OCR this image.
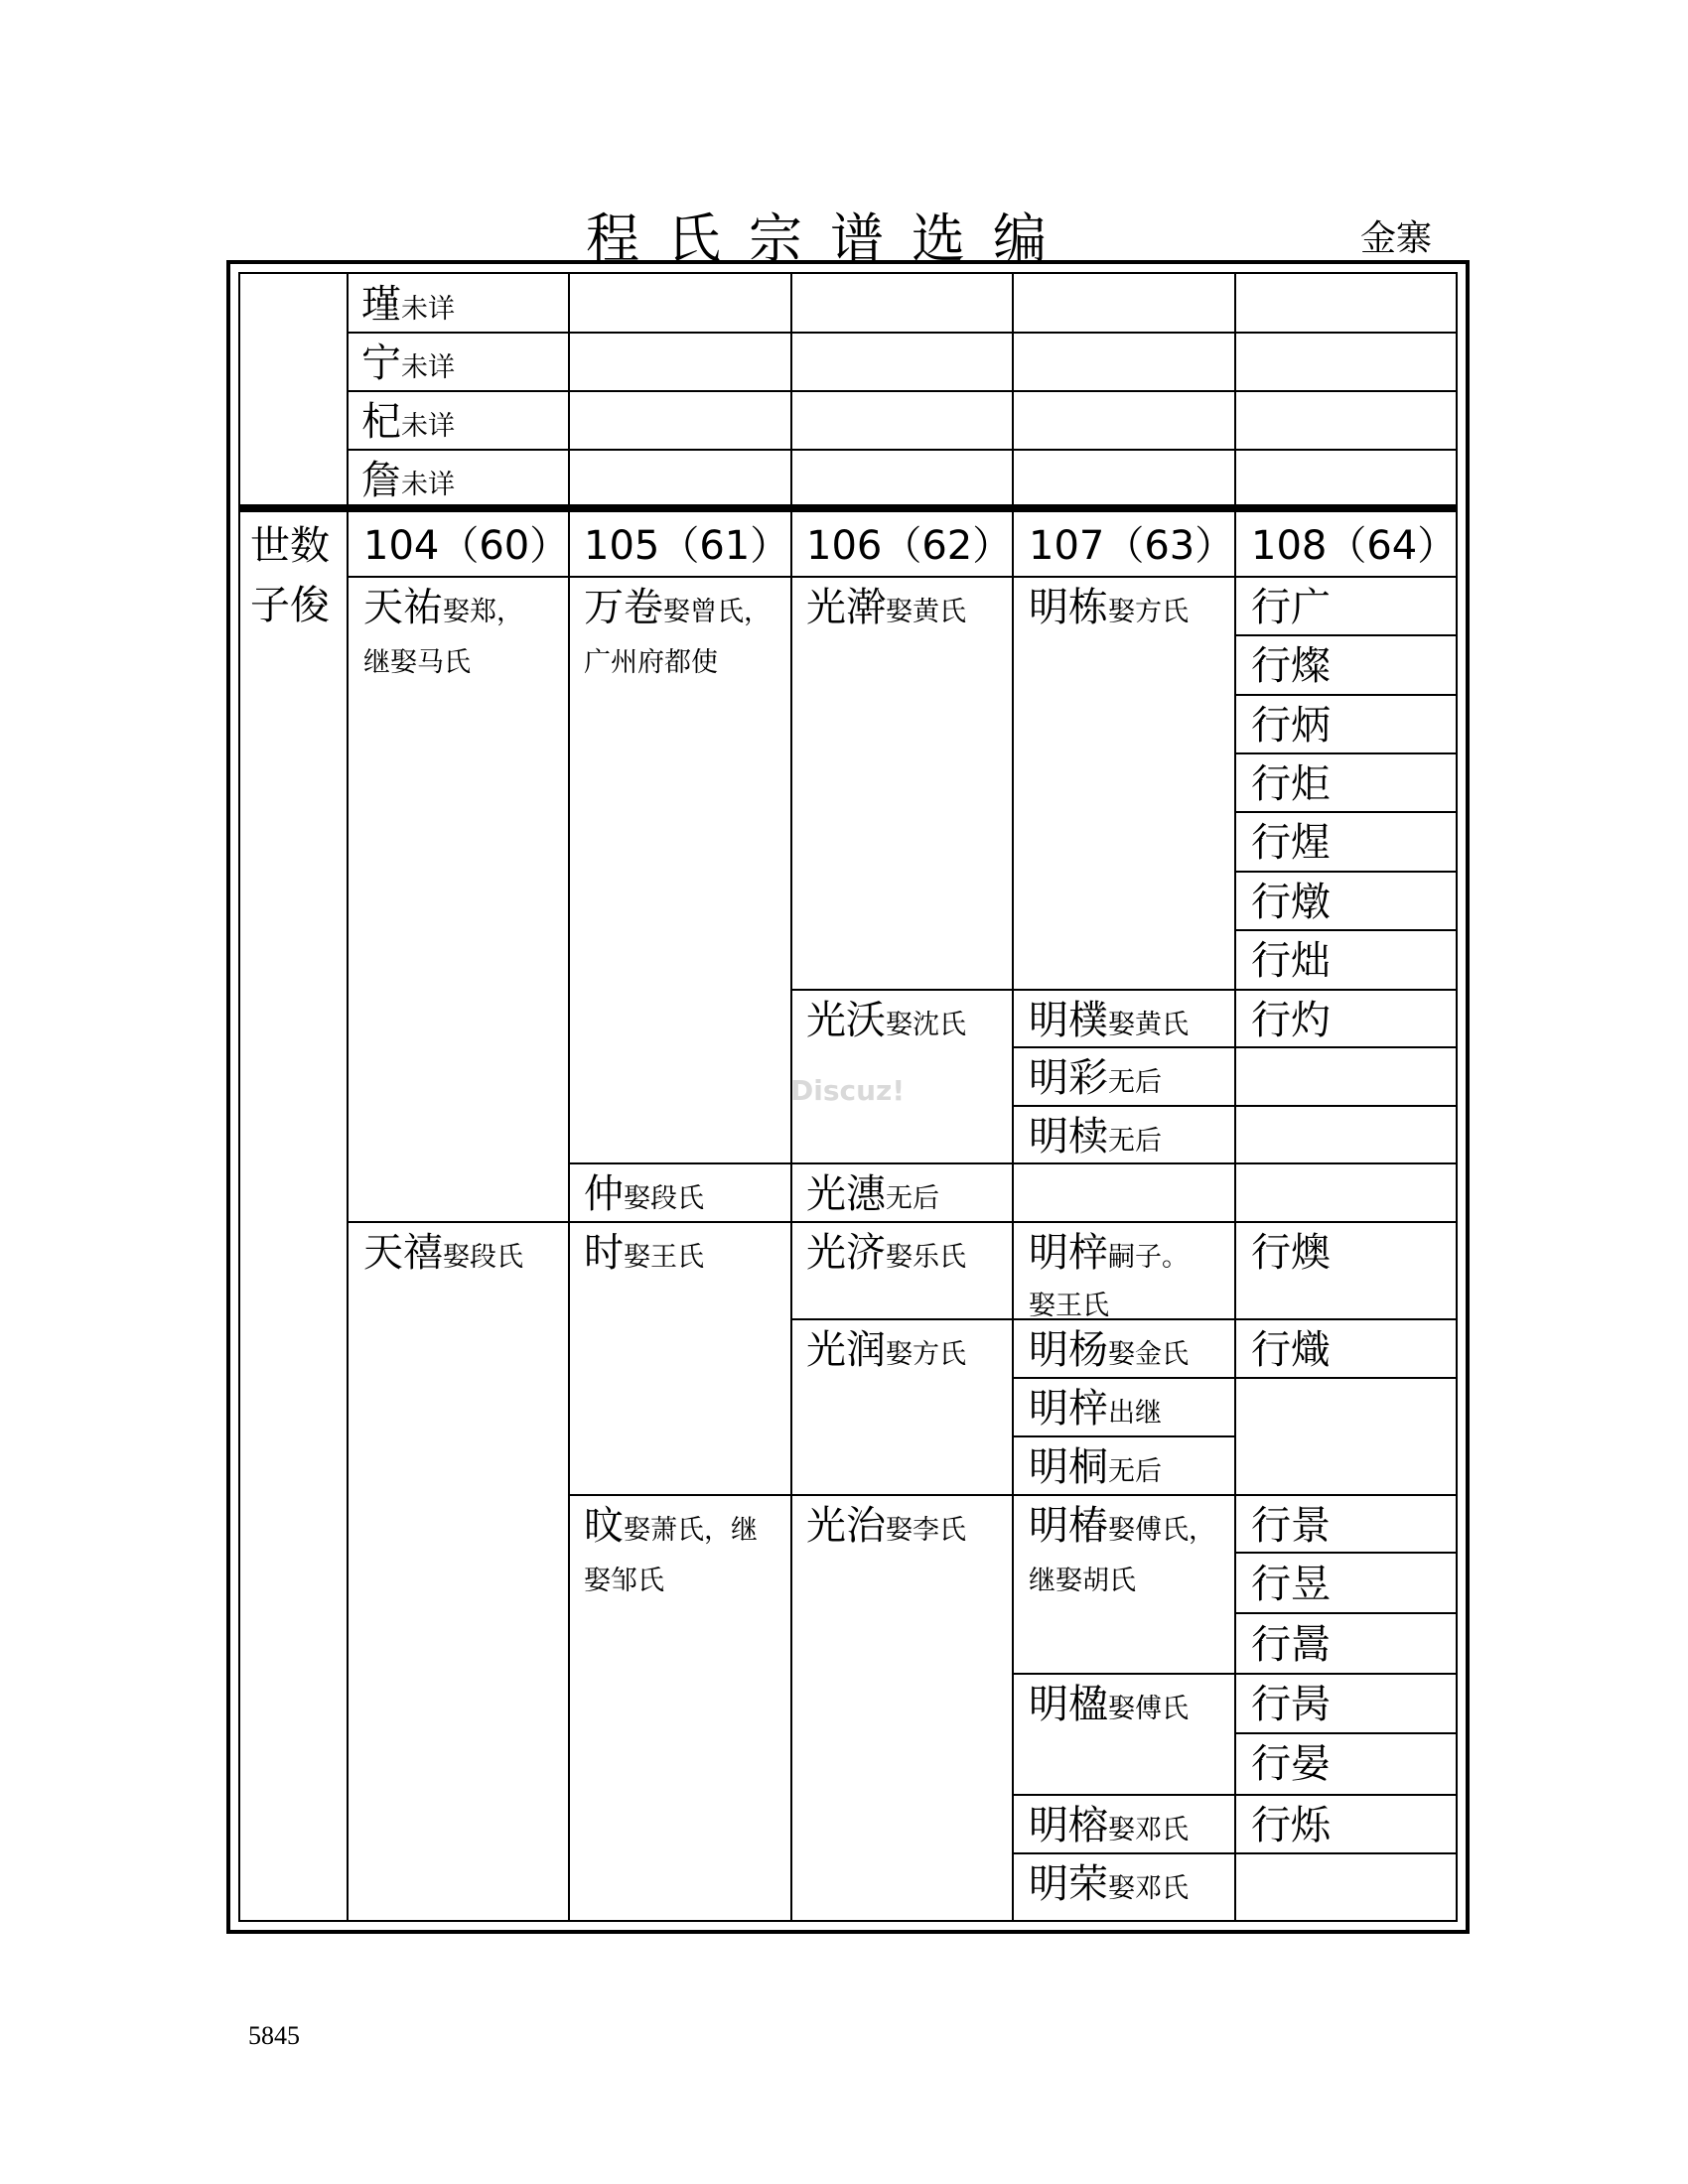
程氏宗谱选编	金寨
瑾未详
宁未详
杞未详
詹未详
世数 104（60） 105（61） 106（62） 107（63） 108（64）
子俊 天祐娶郑，
继娶马氏
天禧娶段氏
万卷娶曾氏，
广州府都使
仲娶段氏
时娶王氏
旼娶萧氏，继
娶邹氏
光澣娶黄氏
光沃娶沈氏
光潓无后
光济娶乐氏
光润娶方氏
光治娶李氏
明栋娶方氏
明樸娶黄氏
明彩无后
明椟无后
明梓嗣子。
娶王氏
明杨娶金氏
明梓出继
明桐无后
明椿娶傅氏，
继娶胡氏
明楹娶傅氏
明榕娶邓氏
明荣娶邓氏
行广
行燦
行炳
行炬
行煋
行燉
行炪
行灼
行燠
行熾
行景
行昱
行暠
行昺
行晏
行烁
Discuz!
5845
